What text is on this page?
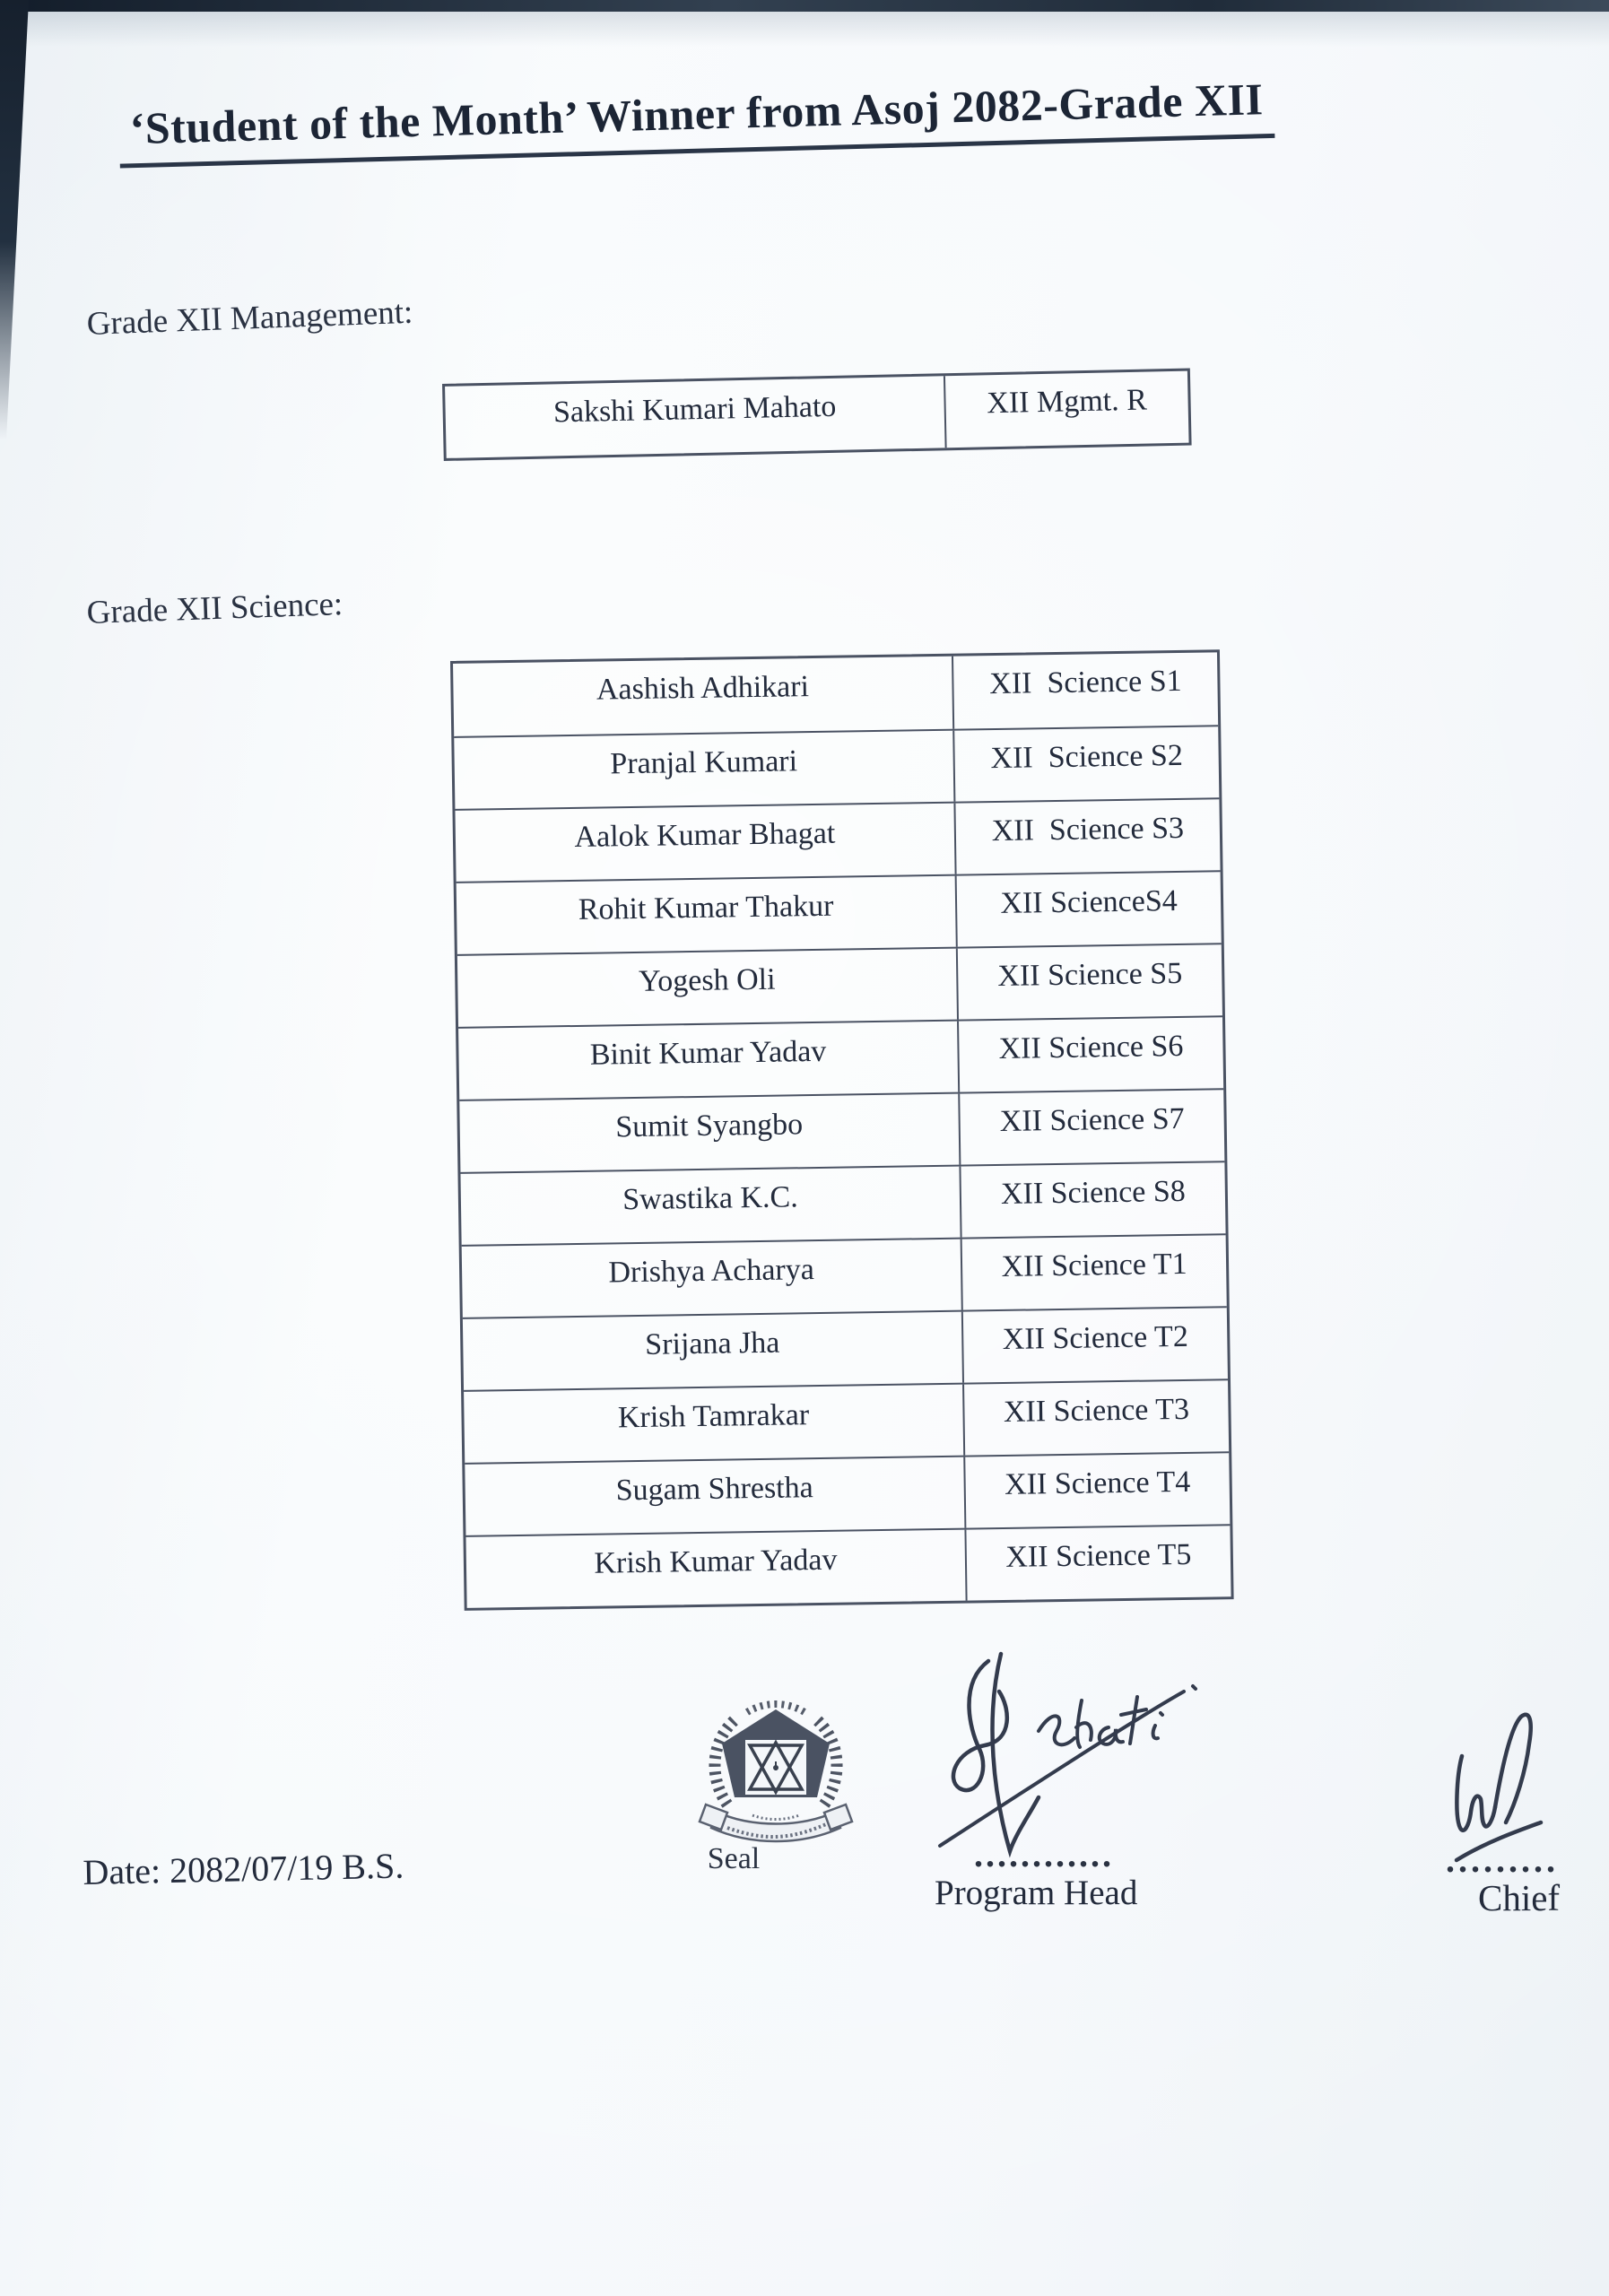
‘Student of the Month’ Winner from Asoj 2082-Grade XII
Grade XII Management:
Sakshi Kumari Mahato	XII Mgmt. R
Grade XII Science:
Aashish Adhikari	XII  Science S1
Pranjal Kumari	XII  Science S2
Aalok Kumar Bhagat	XII  Science S3
Rohit Kumar Thakur	XII ScienceS4
Yogesh Oli	XII Science S5
Binit Kumar Yadav	XII Science S6
Sumit Syangbo	XII Science S7
Swastika K.C.	XII Science S8
Drishya Acharya	XII Science T1
Srijana Jha	XII Science T2
Krish Tamrakar	XII Science T3
Sugam Shrestha	XII Science T4
Krish Kumar Yadav	XII Science T5
Date: 2082/07/19 B.S.	Seal	............
Program Head
.........
Chief
